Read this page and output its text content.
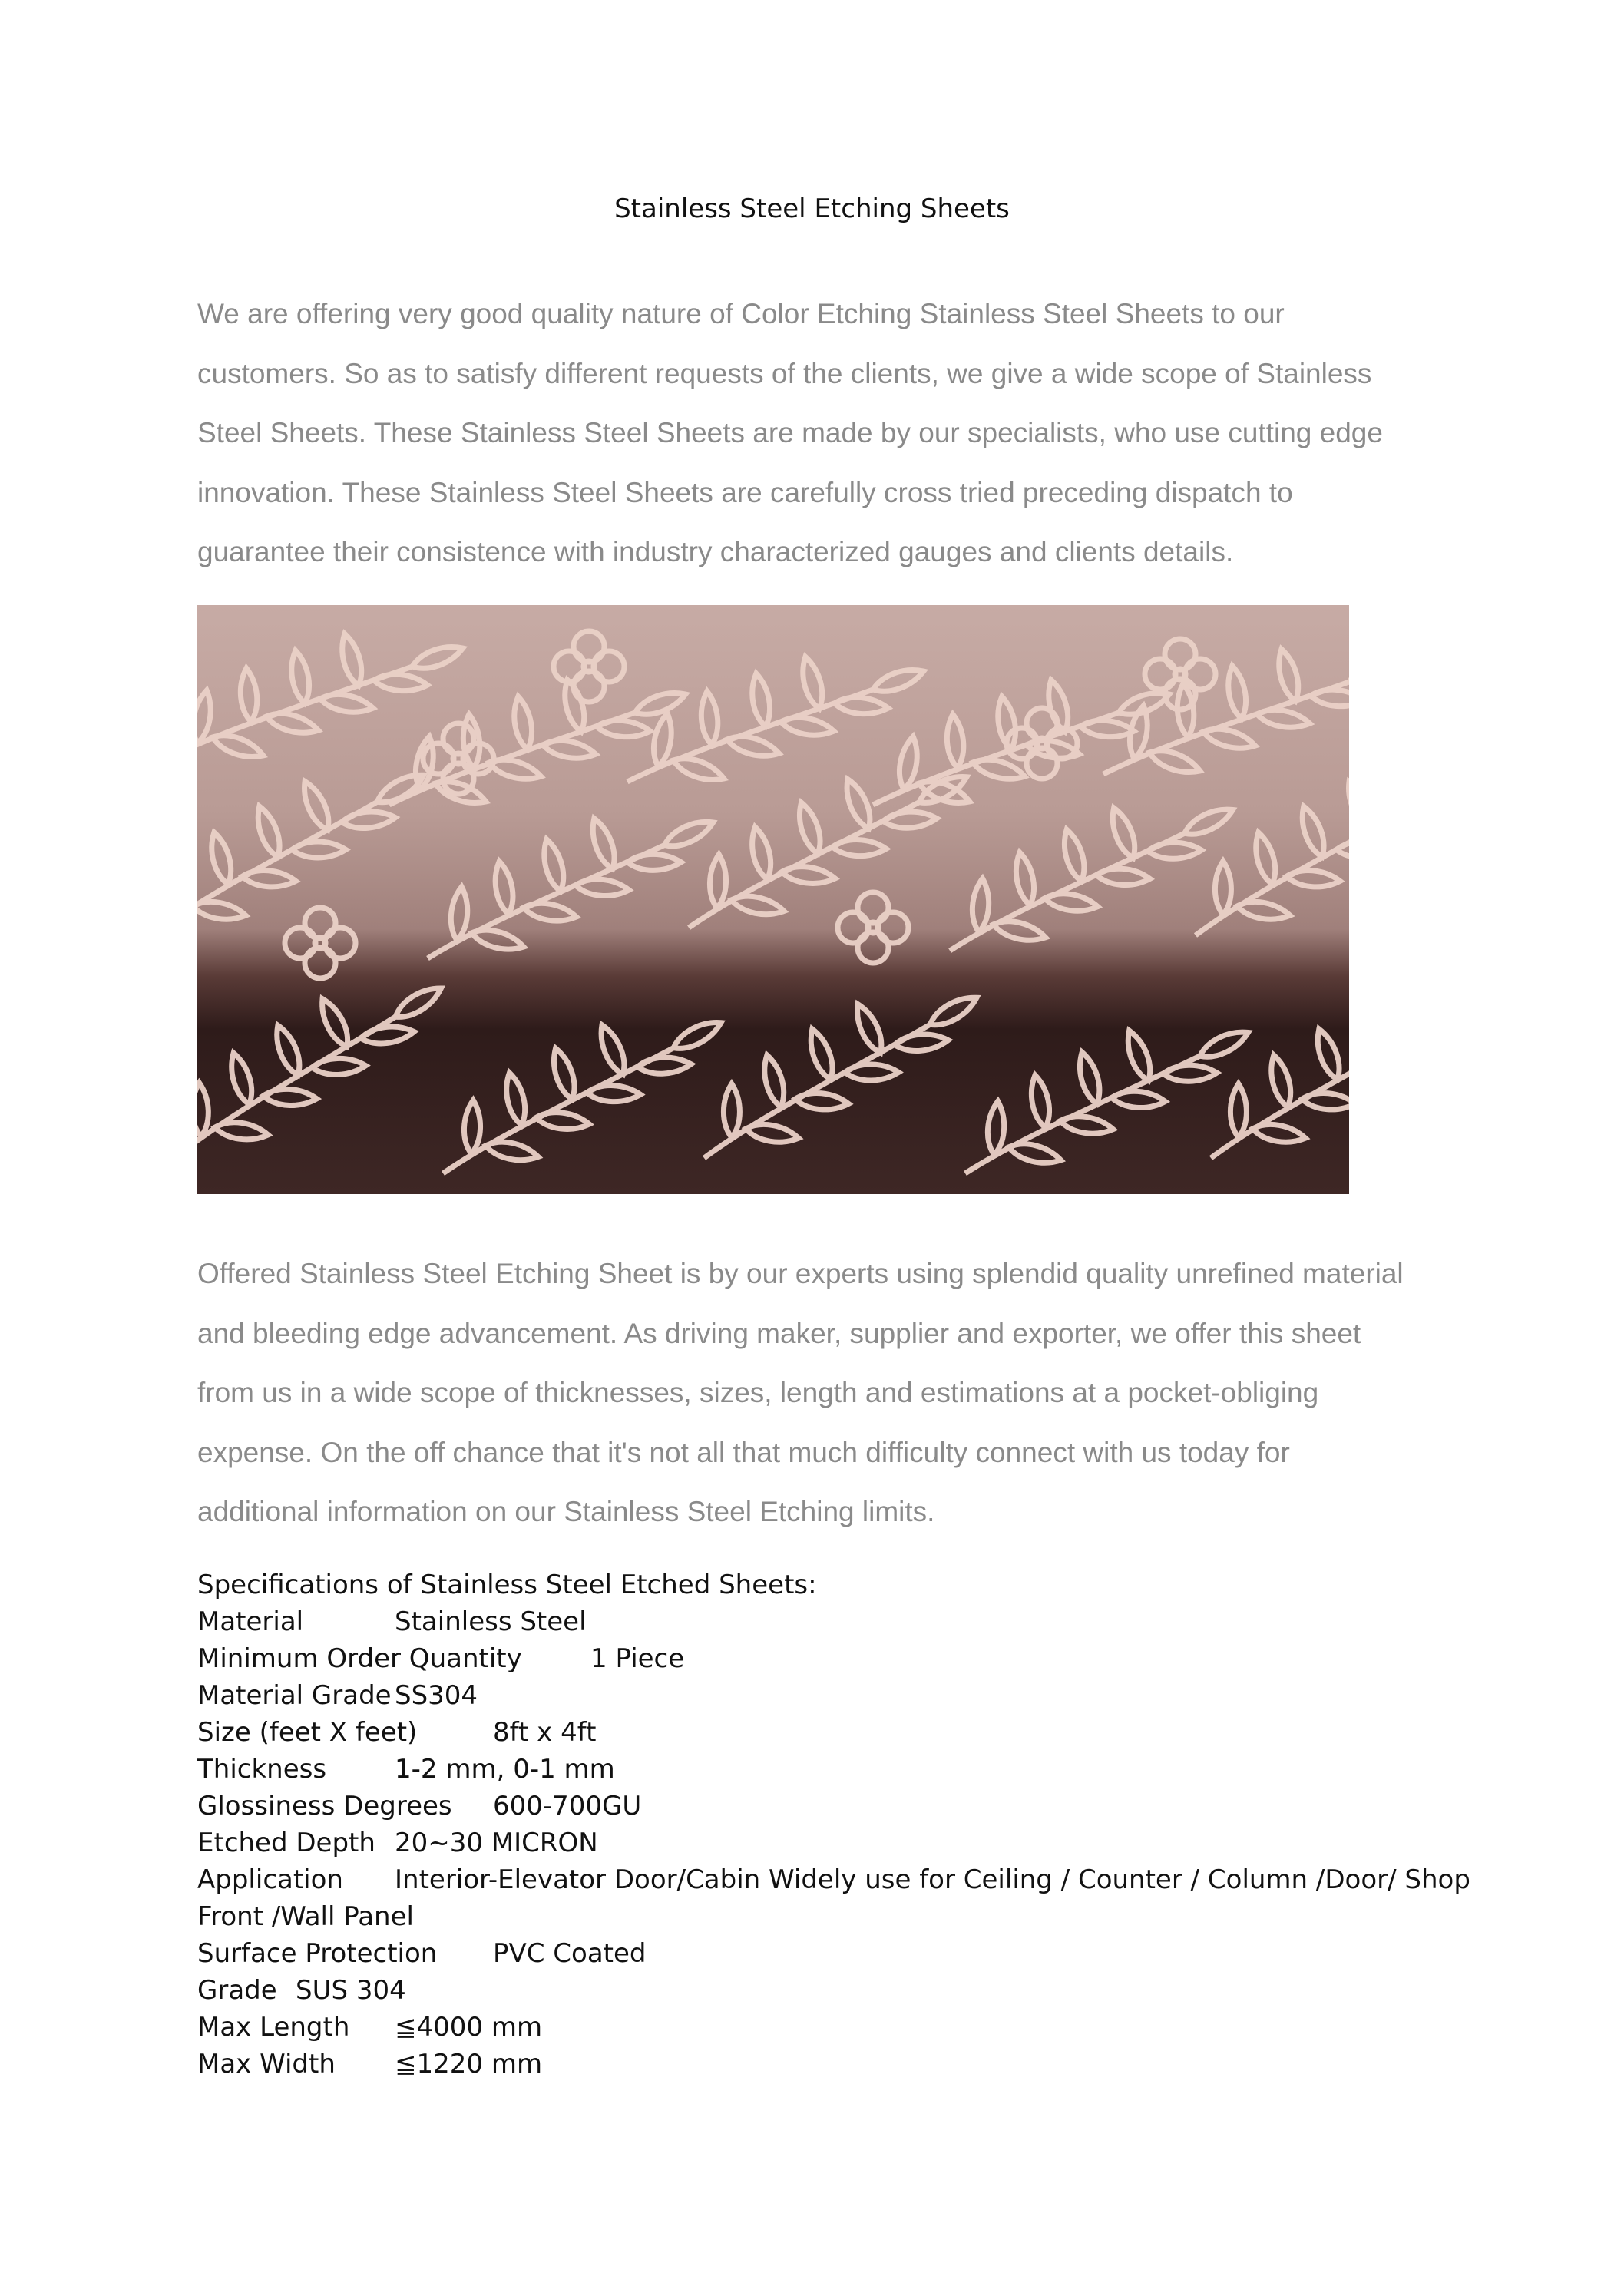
Stainless Steel Etching Sheets
We are offering very good quality nature of Color Etching Stainless Steel Sheets to our
customers. So as to satisfy different requests of the clients, we give a wide scope of Stainless
Steel Sheets. These Stainless Steel Sheets are made by our specialists, who use cutting edge
innovation. These Stainless Steel Sheets are carefully cross tried preceding dispatch to
guarantee their consistence with industry characterized gauges and clients details.
Offered Stainless Steel Etching Sheet is by our experts using splendid quality unrefined material
and bleeding edge advancement. As driving maker, supplier and exporter, we offer this sheet
from us in a wide scope of thicknesses, sizes, length and estimations at a pocket-obliging
expense. On the off chance that it's not all that much difficulty connect with us today for
additional information on our Stainless Steel Etching limits.
Specifications of Stainless Steel Etched Sheets:
Material	Stainless Steel
Minimum Order Quantity	1 Piece
Material Grade SS304
Size (feet X feet)	8ft x 4ft
Thickness	1-2 mm, 0-1 mm
Glossiness Degrees 600-700GU
Etched Depth 20~30 MICRON
Application Interior-Elevator Door/Cabin Widely use for Ceiling / Counter / Column /Door/ Shop
Front /Wall Panel
Surface Protection PVC Coated
Grade SUS 304
Max Length ≦4000 mm
Max Width ≦1220 mm
